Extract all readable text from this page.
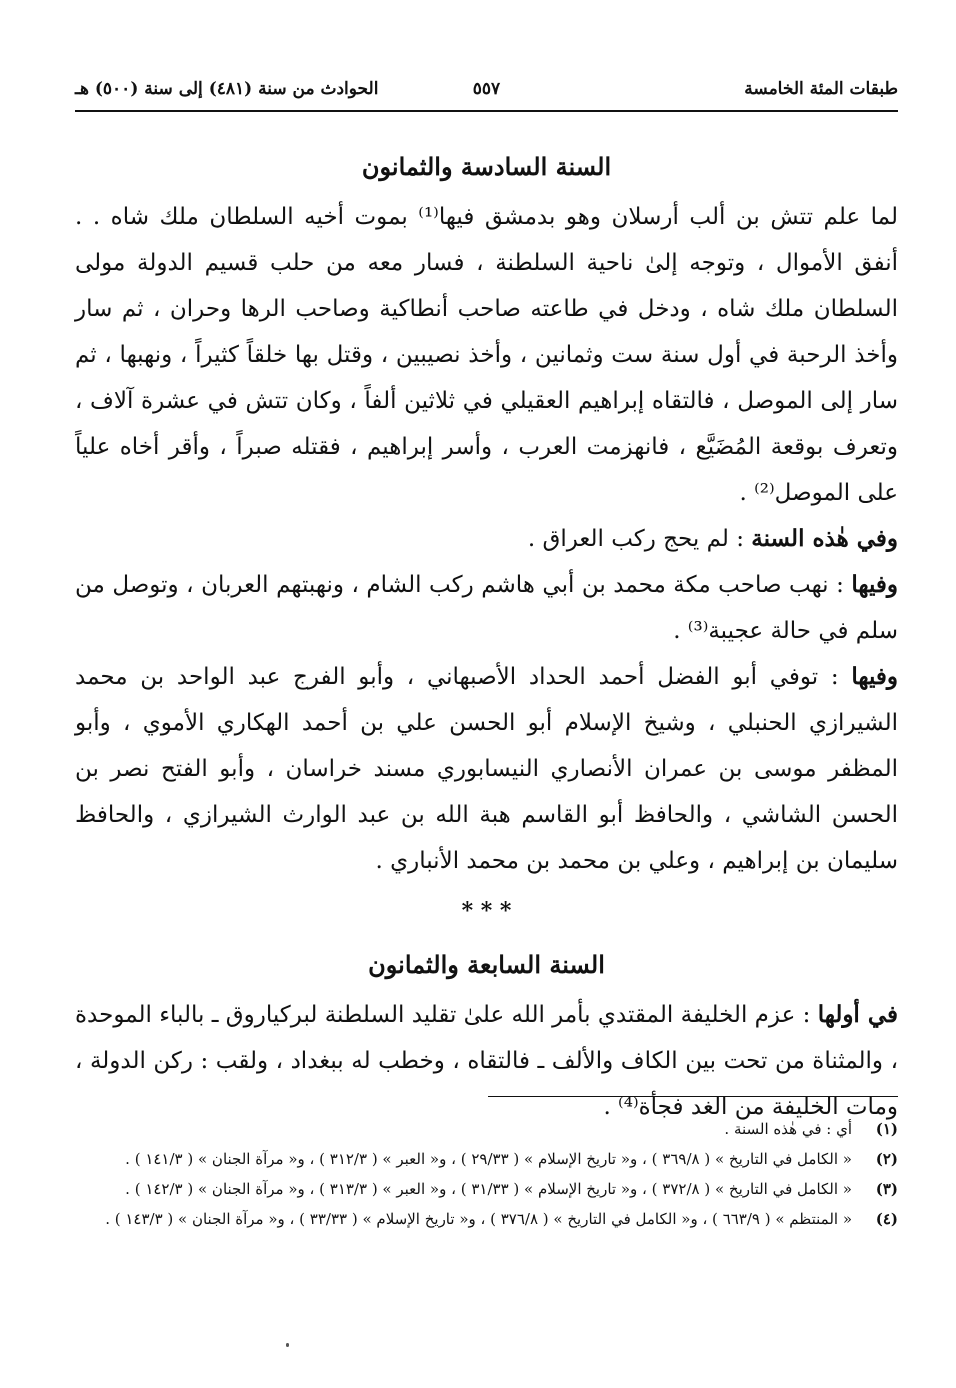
طبقات المئة الخامسة
٥٥٧
الحوادث من سنة (٤٨١) إلى سنة (٥٠٠) هـ
السنة السادسة والثمانون

لما علم تتش بن ألب أرسلان وهو بدمشق فيها⁽¹⁾ بموت أخيه السلطان ملك شاه . . أنفق الأموال ، وتوجه إلىٰ ناحية السلطنة ، فسار معه من حلب قسيم الدولة مولى السلطان ملك شاه ، ودخل في طاعته صاحب أنطاكية وصاحب الرها وحران ، ثم سار وأخذ الرحبة في أول سنة ست وثمانين ، وأخذ نصيبين ، وقتل بها خلقاً كثيراً ، ونهبها ، ثم سار إلى الموصل ، فالتقاه إبراهيم العقيلي في ثلاثين ألفاً ، وكان تتش في عشرة آلاف ، وتعرف بوقعة المُضَيَّع ، فانهزمت العرب ، وأسر إبراهيم ، فقتله صبراً ، وأقر أخاه علياً على الموصل⁽²⁾ .

وفي هٰذه السنة : لم يحج ركب العراق .

وفيها : نهب صاحب مكة محمد بن أبي هاشم ركب الشام ، ونهبتهم العربان ، وتوصل من سلم في حالة عجيبة⁽³⁾ .

وفيها : توفي أبو الفضل أحمد الحداد الأصبهاني ، وأبو الفرج عبد الواحد بن محمد الشيرازي الحنبلي ، وشيخ الإسلام أبو الحسن علي بن أحمد الهكاري الأموي ، وأبو المظفر موسى بن عمران الأنصاري النيسابوري مسند خراسان ، وأبو الفتح نصر بن الحسن الشاشي ، والحافظ أبو القاسم هبة الله بن عبد الوارث الشيرازي ، والحافظ سليمان بن إبراهيم ، وعلي بن محمد بن محمد الأنباري .

* * *
السنة السابعة والثمانون

في أولها : عزم الخليفة المقتدي بأمر الله علىٰ تقليد السلطنة لبركياروق ـ بالباء الموحدة ، والمثناة من تحت بين الكاف والألف ـ فالتقاه ، وخطب له ببغداد ، ولقب : ركن الدولة ، ومات الخليفة من الغد فجأة⁽⁴⁾ .

(١)
أي : في هٰذه السنة .
(٢)
« الكامل في التاريخ » ( ٣٦٩/٨ ) ، و« تاريخ الإسلام » ( ٢٩/٣٣ ) ، و« العبر » ( ٣١٢/٣ ) ، و« مرآة الجنان » ( ١٤١/٣ ) .
(٣)
« الكامل في التاريخ » ( ٣٧٢/٨ ) ، و« تاريخ الإسلام » ( ٣١/٣٣ ) ، و« العبر » ( ٣١٣/٣ ) ، و« مرآة الجنان » ( ١٤٢/٣ ) .
(٤)
« المنتظم » ( ٦٦٣/٩ ) ، و« الكامل في التاريخ » ( ٣٧٦/٨ ) ، و« تاريخ الإسلام » ( ٣٣/٣٣ ) ، و« مرآة الجنان » ( ١٤٣/٣ ) .
